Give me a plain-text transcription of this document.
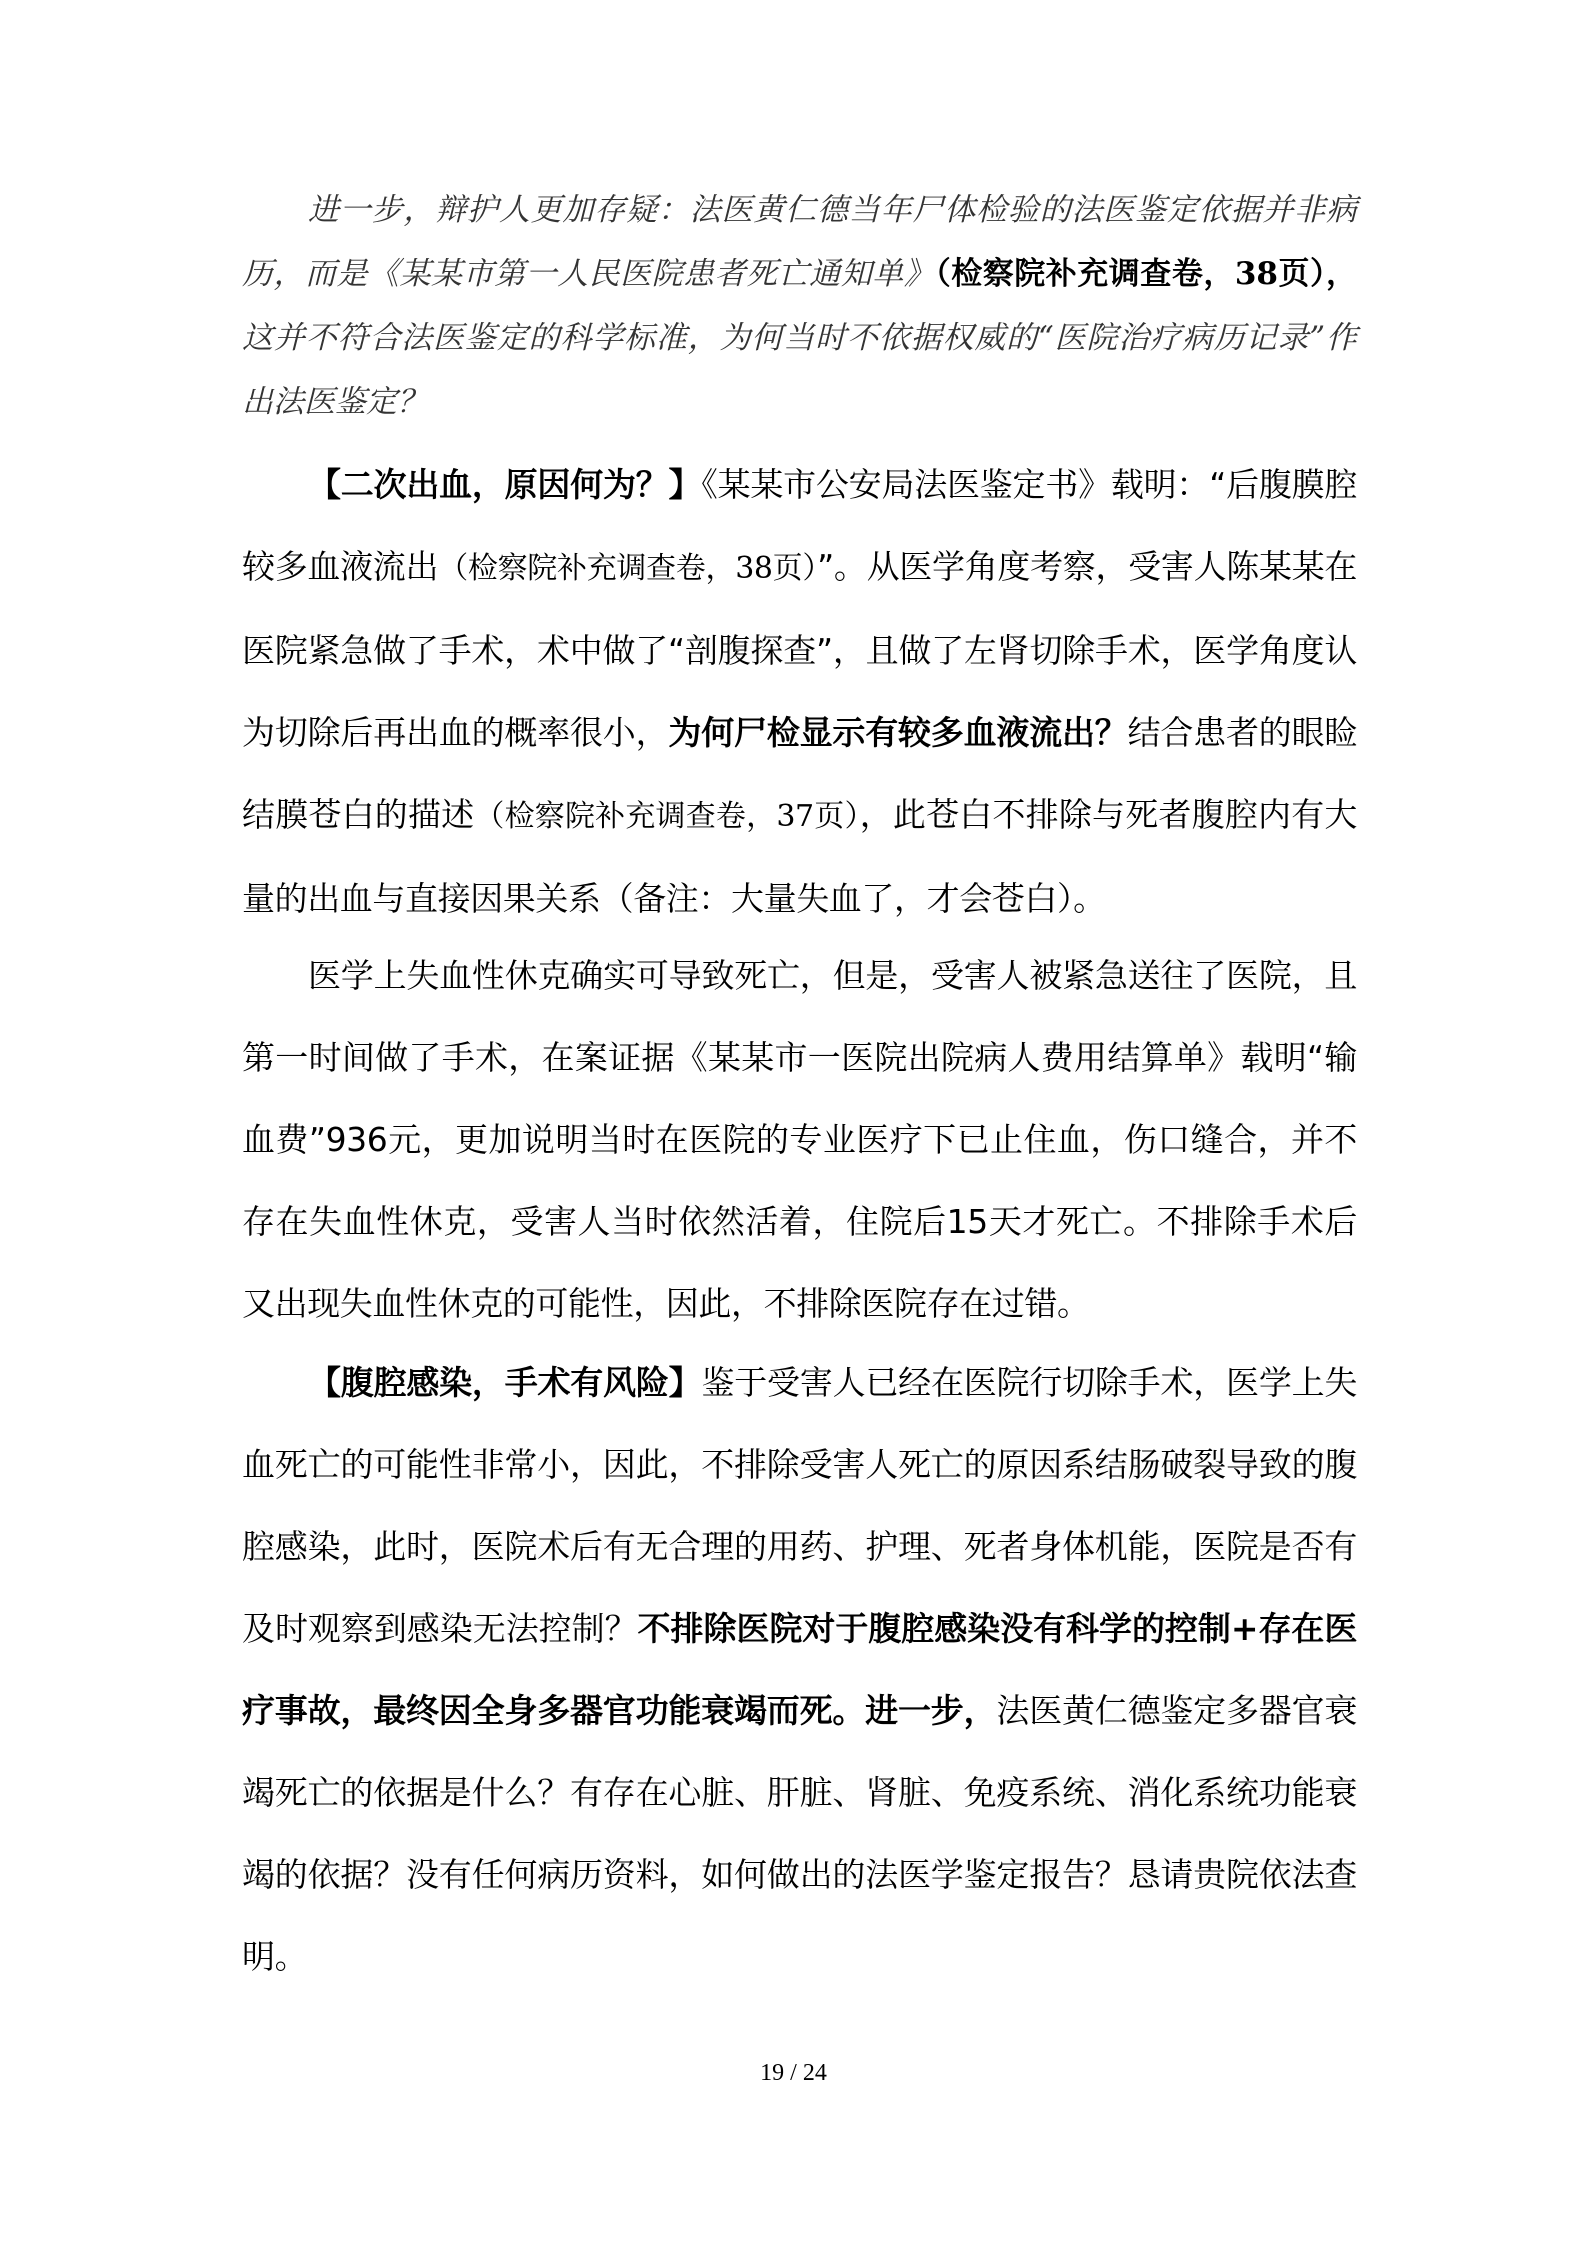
进一步，辩护人更加存疑：法医黄仁德当年尸体检验的法医鉴定依据并非病历，而是《某某市第一人民医院患者死亡通知单》（检察院补充调查卷，38页），这并不符合法医鉴定的科学标准，为何当时不依据权威的“医院治疗病历记录”作出法医鉴定？

【二次出血，原因何为？】《某某市公安局法医鉴定书》载明：“后腹膜腔较多血液流出（检察院补充调查卷，38页）”。从医学角度考察，受害人陈某某在医院紧急做了手术，术中做了“剖腹探查”，且做了左肾切除手术，医学角度认为切除后再出血的概率很小，为何尸检显示有较多血液流出？结合患者的眼睑结膜苍白的描述（检察院补充调查卷，37页），此苍白不排除与死者腹腔内有大量的出血与直接因果关系（备注：大量失血了，才会苍白）。

医学上失血性休克确实可导致死亡，但是，受害人被紧急送往了医院，且第一时间做了手术，在案证据《某某市一医院出院病人费用结算单》载明“输血费”936元，更加说明当时在医院的专业医疗下已止住血，伤口缝合，并不存在失血性休克，受害人当时依然活着，住院后15天才死亡。不排除手术后又出现失血性休克的可能性，因此，不排除医院存在过错。

【腹腔感染，手术有风险】鉴于受害人已经在医院行切除手术，医学上失血死亡的可能性非常小，因此，不排除受害人死亡的原因系结肠破裂导致的腹腔感染，此时，医院术后有无合理的用药、护理、死者身体机能，医院是否有及时观察到感染无法控制？不排除医院对于腹腔感染没有科学的控制+存在医疗事故，最终因全身多器官功能衰竭而死。进一步，法医黄仁德鉴定多器官衰竭死亡的依据是什么？有存在心脏、肝脏、肾脏、免疫系统、消化系统功能衰竭的依据？没有任何病历资料，如何做出的法医学鉴定报告？恳请贵院依法查明。

19 / 24
